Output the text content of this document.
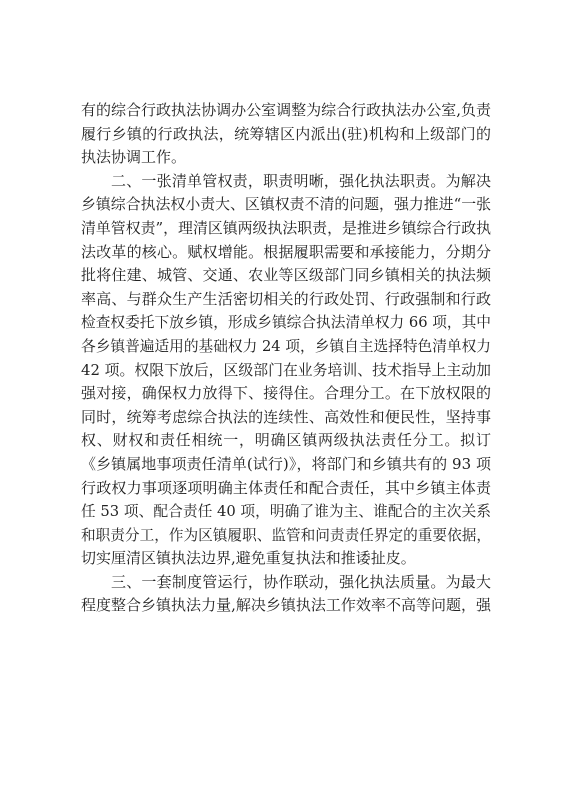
有的综合行政执法协调办公室调整为综合行政执法办公室,负责
履行乡镇的行政执法，统筹辖区内派出(驻)机构和上级部门的
执法协调工作。
二、一张清单管权责，职责明晰，强化执法职责。为解决
乡镇综合执法权小责大、区镇权责不清的问题，强力推进“一张
清单管权责”，理清区镇两级执法职责，是推进乡镇综合行政执
法改革的核心。赋权增能。根据履职需要和承接能力，分期分
批将住建、城管、交通、农业等区级部门同乡镇相关的执法频
率高、与群众生产生活密切相关的行政处罚、行政强制和行政
检查权委托下放乡镇，形成乡镇综合执法清单权力 66 项，其中
各乡镇普遍适用的基础权力 24 项，乡镇自主选择特色清单权力
42 项。权限下放后，区级部门在业务培训、技术指导上主动加
强对接，确保权力放得下、接得住。合理分工。在下放权限的
同时，统筹考虑综合执法的连续性、高效性和便民性，坚持事
权、财权和责任相统一，明确区镇两级执法责任分工。拟订
《乡镇属地事项责任清单(试行)》，将部门和乡镇共有的 93 项
行政权力事项逐项明确主体责任和配合责任，其中乡镇主体责
任 53 项、配合责任 40 项，明确了谁为主、谁配合的主次关系
和职责分工，作为区镇履职、监管和问责责任界定的重要依据，
切实厘清区镇执法边界,避免重复执法和推诿扯皮。
三、一套制度管运行，协作联动，强化执法质量。为最大
程度整合乡镇执法力量,解决乡镇执法工作效率不高等问题，强
